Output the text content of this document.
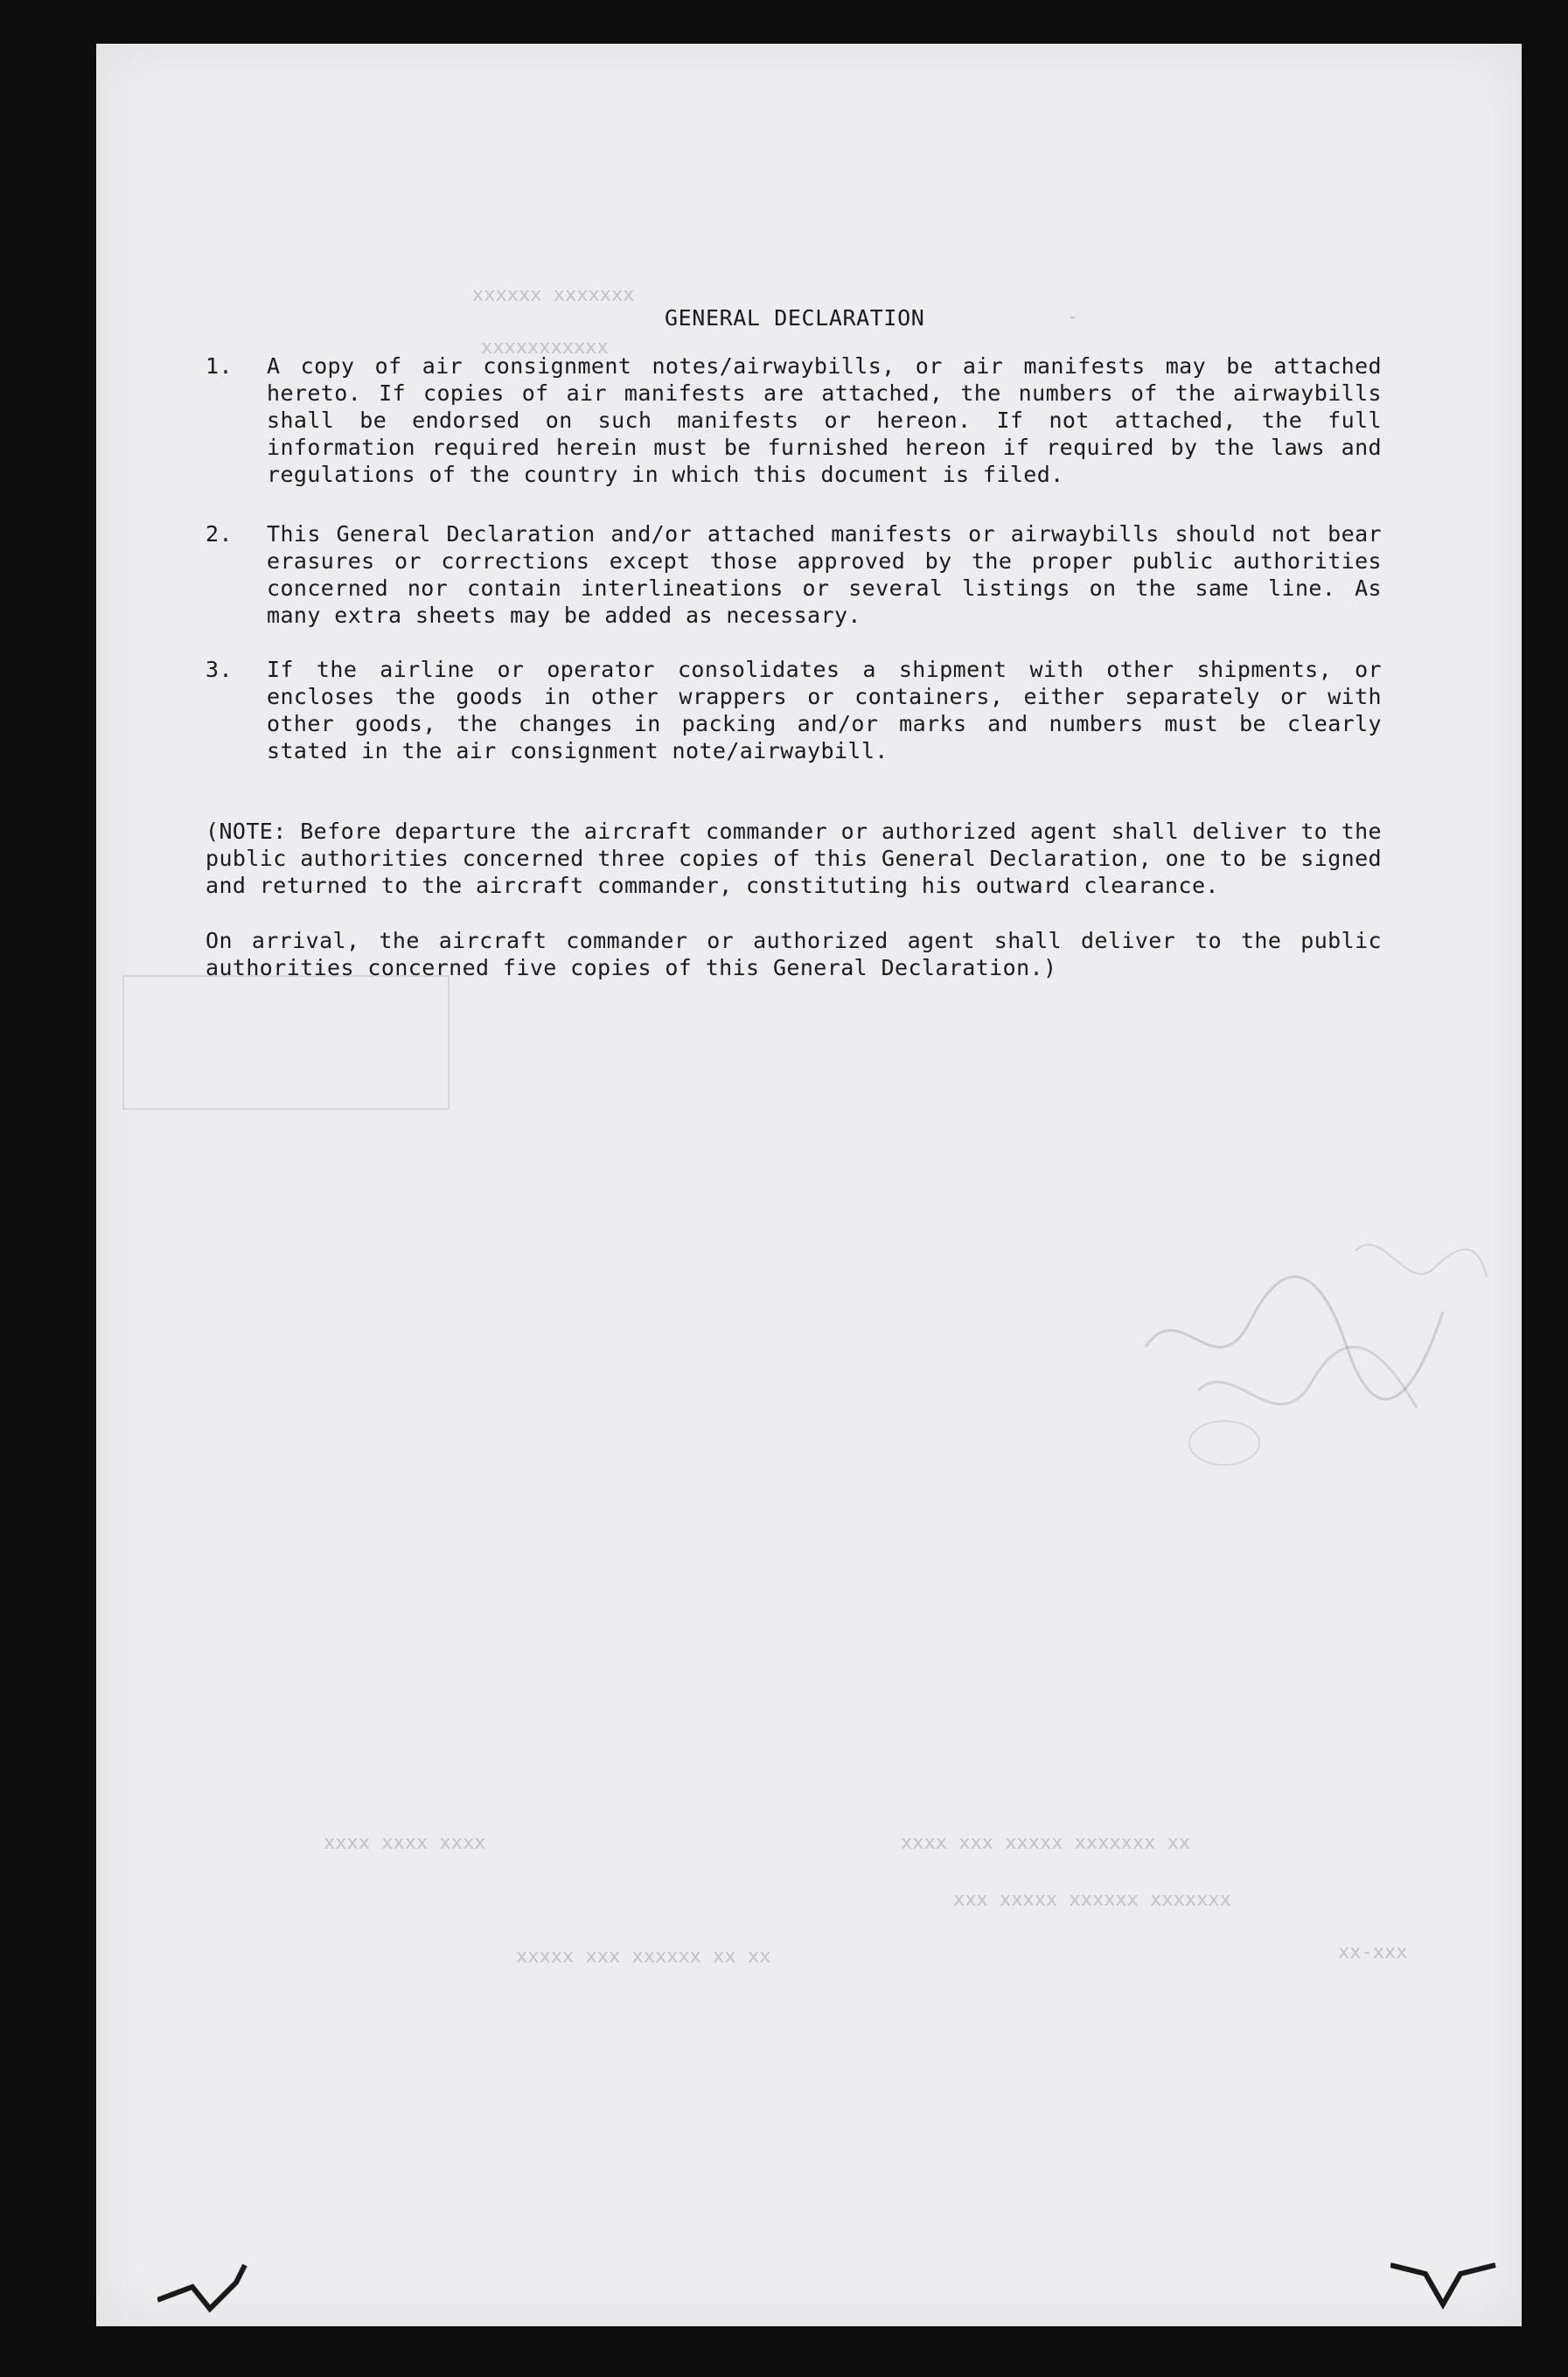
xxxxxx xxxxxxx
xxxxxxxxxxx
-
xxxx xxxx xxxx	xx xxxxxxx xxxxx xxx xxxx
xxxxxxx xxxxxx xxxxx xxx
xx xx xxxxxx xxx xxxxx	xxx-xx
GENERAL DECLARATION
1.	A copy of air consignment notes/airwaybills, or air manifests may be attached hereto. If copies of air manifests are attached, the numbers of the airwaybills shall be endorsed on such manifests or hereon. If not attached, the full information required herein must be furnished hereon if required by the laws and regulations of the country in which this document is filed.
2.	This General Declaration and/or attached manifests or airwaybills should not bear erasures or corrections except those approved by the proper public authorities concerned nor contain interlineations or several listings on the same line. As many extra sheets may be added as necessary.
3.	If the airline or operator consolidates a shipment with other shipments, or encloses the goods in other wrappers or containers, either separately or with other goods, the changes in packing and/or marks and numbers must be clearly stated in the air consignment note/airwaybill.
(NOTE: Before departure the aircraft commander or authorized agent shall deliver to the public authorities concerned three copies of this General Declaration, one to be signed and returned to the aircraft commander, constituting his outward clearance.
On arrival, the aircraft commander or authorized agent shall deliver to the public authorities concerned five copies of this General Declaration.)
